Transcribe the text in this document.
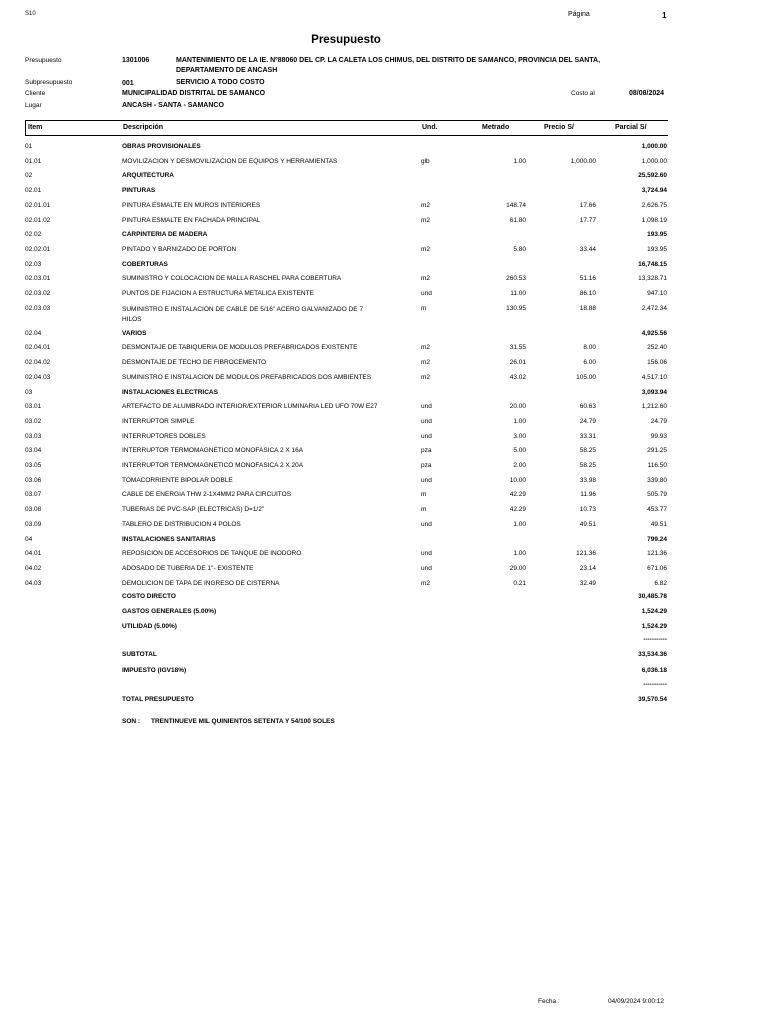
S10	Página	1
Presupuesto
Presupuesto	1301006	MANTENIMIENTO DE LA IE. Nº88060 DEL CP. LA CALETA LOS CHIMUS, DEL DISTRITO DE SAMANCO, PROVINCIA DEL SANTA, DEPARTAMENTO DE ANCASH
Subpresupuesto	001	SERVICIO A TODO COSTO
Cliente	MUNICIPALIDAD DISTRITAL DE SAMANCO	Costo al	08/08/2024
Lugar	ANCASH - SANTA - SAMANCO
Item	Descripción	Und.	Metrado	Precio S/	Parcial S/
01	OBRAS PROVISIONALES	1,000.00
01.01	MOVILIZACION Y DESMOVILIZACION DE EQUIPOS Y HERRAMIENTAS	glb	1.00	1,000.00	1,000.00
02	ARQUITECTURA	25,592.60
02.01	PINTURAS	3,724.94
02.01.01	PINTURA ESMALTE EN MUROS INTERIORES	m2	148.74	17.66	2,626.75
02.01.02	PINTURA ESMALTE EN FACHADA PRINCIPAL	m2	61.80	17.77	1,098.19
02.02	CARPINTERIA DE MADERA	193.95
02.02.01	PINTADO Y BARNIZADO DE PORTON	m2	5.80	33.44	193.95
02.03	COBERTURAS	16,748.15
02.03.01	SUMINISTRO Y COLOCACION DE MALLA RASCHEL PARA COBERTURA	m2	260.53	51.16	13,328.71
02.03.02	PUNTOS DE FIJACION A ESTRUCTURA METALICA EXISTENTE	und	11.00	86.10	947.10
02.03.03	SUMINISTRO E INSTALACION DE CABLE DE 5/16" ACERO GALVANIZADO DE 7 HILOS
m	130.95	18.88	2,472.34
02.04	VARIOS	4,925.56
02.04.01	DESMONTAJE DE TABIQUERIA DE MODULOS PREFABRICADOS EXISTENTE	m2	31.55	8.00	252.40
02.04.02	DESMONTAJE DE TECHO DE FIBROCEMENTO	m2	26.01	6.00	156.06
02.04.03	SUMINISTRO E INSTALACION DE MODULOS PREFABRICADOS DOS AMBIENTES	m2	43.02	105.00	4,517.10
03	INSTALACIONES ELECTRICAS	3,093.94
03.01	ARTEFACTO DE ALUMBRADO INTERIOR/EXTERIOR LUMINARIA LED UFO 70W E27	und	20.00	60.63	1,212.60
03.02	INTERRUPTOR SIMPLE	und	1.00	24.79	24.79
03.03	INTERRUPTORES DOBLES	und	3.00	33.31	99.93
03.04	INTERRUPTOR TERMOMAGNETICO MONOFASICA 2 X 16A	pza	5.00	58.25	291.25
03.05	INTERRUPTOR TERMOMAGNETICO MONOFASICA 2 X 20A	pza	2.00	58.25	116.50
03.06	TOMACORRIENTE BIPOLAR DOBLE	und	10.00	33.98	339.80
03.07	CABLE DE ENERGIA THW 2-1X4MM2 PARA CIRCUITOS	m	42.29	11.96	505.79
03.08	TUBERIAS DE PVC-SAP (ELECTRICAS) D=1/2"	m	42.29	10.73	453.77
03.09	TABLERO DE DISTRIBUCION 4 POLOS	und	1.00	49.51	49.51
04	INSTALACIONES SANITARIAS	799.24
04.01	REPOSICION DE ACCESORIOS DE TANQUE DE INODORO	und	1.00	121.36	121.36
04.02	ADOSADO DE TUBERIA DE 1"- EXISTENTE	und	29.00	23.14	671.06
04.03	DEMOLICION DE TAPA DE INGRESO DE CISTERNA	m2	0.21	32.49	6.82
COSTO DIRECTO	30,485.78
GASTOS GENERALES (5.00%)	1,524.29
UTILIDAD (5.00%)	1,524.29
-----------
SUBTOTAL	33,534.36
IMPUESTO (IGV18%)	6,036.18
-----------
TOTAL PRESUPUESTO	39,570.54
SON : TRENTINUEVE MIL QUINIENTOS SETENTA Y 54/100 SOLES
Fecha :	04/09/2024 9:00:12
